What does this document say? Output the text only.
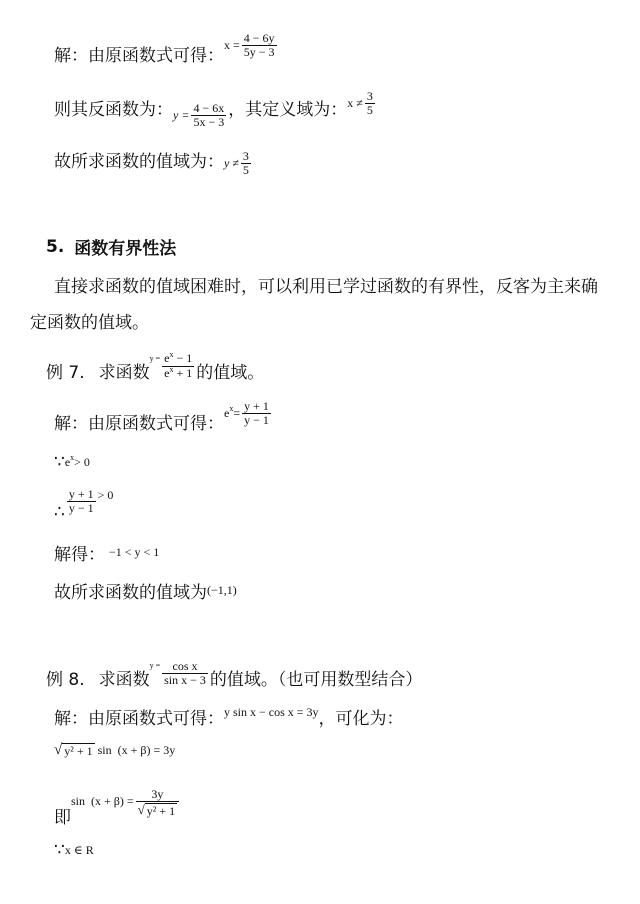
解：由原函数式可得：
$x = \frac{4 - 6y}{5y - 3}$
则其反函数为： $y = \frac{4 - 6x}{5x - 3}$ ，其定义域为： $x \ne \frac{3}{5}$
故所求函数的值域为： $y \ne \frac{3}{5}$
5. 函数有界性法
直接求函数的值域困难时，可以利用已学过函数的有界性，反客为主来确
定函数的值域。
例 7. 求函数
$y = \frac{e^x - 1}{e^x + 1}$ 的值域。
解：由原函数式可得：
e $x = \frac{y + 1}{y - 1}$
∵ e x > 0
∴ $\frac{y + 1}{y - 1} > 0$
解得： −1 < y < 1
故所求函数的值域为 (−1,1)
例 8. 求函数
$y = \frac{\text{cos x}}{\text{sin x − 3}}$ 的值域。（也可用数型结合）
解：由原函数式可得： y sin x − cos x = 3y ，可化为：
√ y² + 1 sin  (x + β) = 3y
即
$\sin (x + \beta) = \frac{3y}{\text{√ y² + 1}}$
∵ x ∈ R
